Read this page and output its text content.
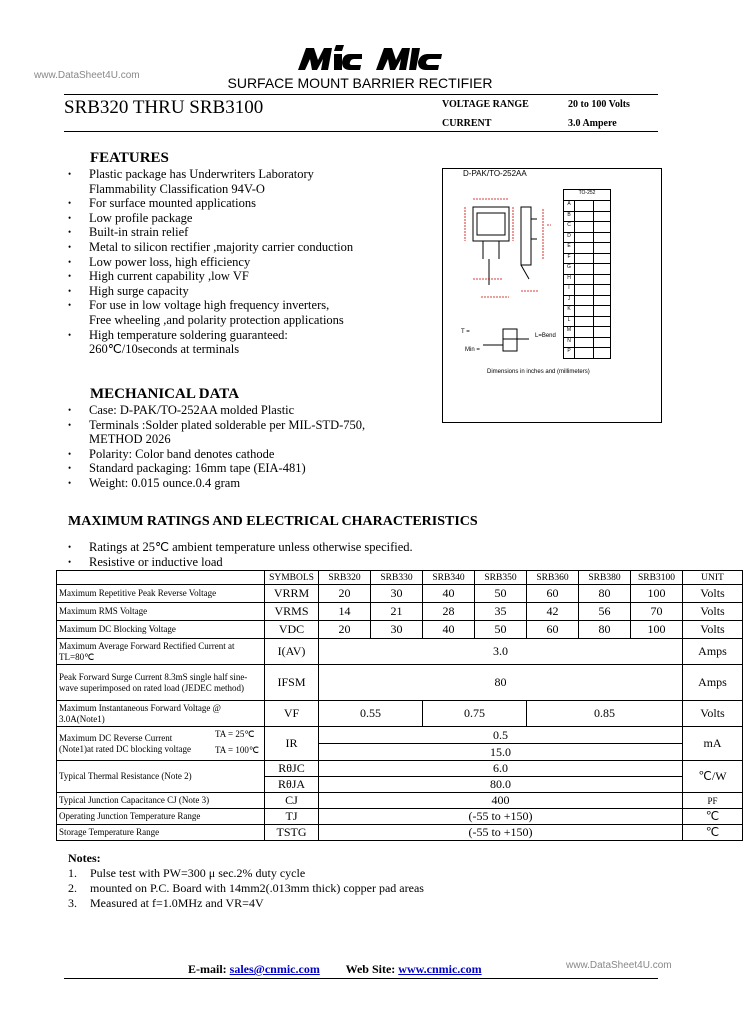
www.DataSheet4U.com	SURFACE MOUNT BARRIER RECTIFIER
SRB320 THRU SRB3100	VOLTAGE RANGE	20 to 100 Volts
CURRENT	3.0 Ampere
FEATURES
• Plastic package has Underwriters Laboratory
Flammability Classification 94V-O
• For surface mounted applications
• Low profile package
• Built-in strain relief
• Metal to silicon rectifier ,majority carrier conduction
• Low power loss, high efficiency
• High current capability ,low VF
• High surge capacity
• For use in low voltage high frequency inverters,
Free wheeling ,and polarity protection applications
• High temperature soldering guaranteed:
260℃/10seconds at terminals
MECHANICAL DATA
• Case: D-PAK/TO-252AA molded Plastic
• Terminals :Solder plated solderable per MIL-STD-750,
METHOD 2026
• Polarity: Color band denotes cathode
• Standard packaging: 16mm tape (EIA-481)
• Weight: 0.015 ounce.0.4 gram
D-PAK/TO-252AA
T =
Min =
L=Bend
TO-252
A
B
C
D
E
F
G
H
I
J
K
L
M
N
P
Dimensions in inches and (millimeters)
MAXIMUM RATINGS AND ELECTRICAL CHARACTERISTICS
• Ratings at 25℃ ambient temperature unless otherwise specified.
• Resistive or inductive load
	SYMBOLS	SRB320	SRB330	SRB340	SRB350	SRB360	SRB380	SRB3100	UNIT
Maximum Repetitive Peak Reverse Voltage	VRRM	20	30	40	50	60	80	100	Volts
Maximum RMS Voltage	VRMS	14	21	28	35	42	56	70	Volts
Maximum DC Blocking Voltage	VDC	20	30	40	50	60	80	100	Volts
Maximum Average Forward Rectified Current at TL=80℃	I(AV)	3.0							Amps
Peak Forward Surge Current 8.3mS single half sine-wave superimposed on rated load (JEDEC method)	IFSM	80							Amps
Maximum Instantaneous Forward Voltage @ 3.0A(Note1)	VF	0.55		0.75		0.85			Volts

Maximum DC Reverse Current (Note1)at rated DC blocking voltage
TA = 25℃
TA = 100℃	IR	0.5							mA
		15.0							
Typical Thermal Resistance (Note 2)	RθJC	6.0							℃/W
	RθJA	80.0							
Typical Junction Capacitance CJ (Note 3)	CJ	400							PF
Operating Junction Temperature Range	TJ	(-55 to +150)							℃
Storage Temperature Range	TSTG	(-55 to +150)							℃
Notes:
1.	Pulse test with PW=300 μ sec.2% duty cycle
2.	mounted on P.C. Board with 14mm2(.013mm thick) copper pad areas
3.	Measured at f=1.0MHz and VR=4V
E-mail: sales@cnmic.com Web Site: www.cnmic.com	www.DataSheet4U.com
